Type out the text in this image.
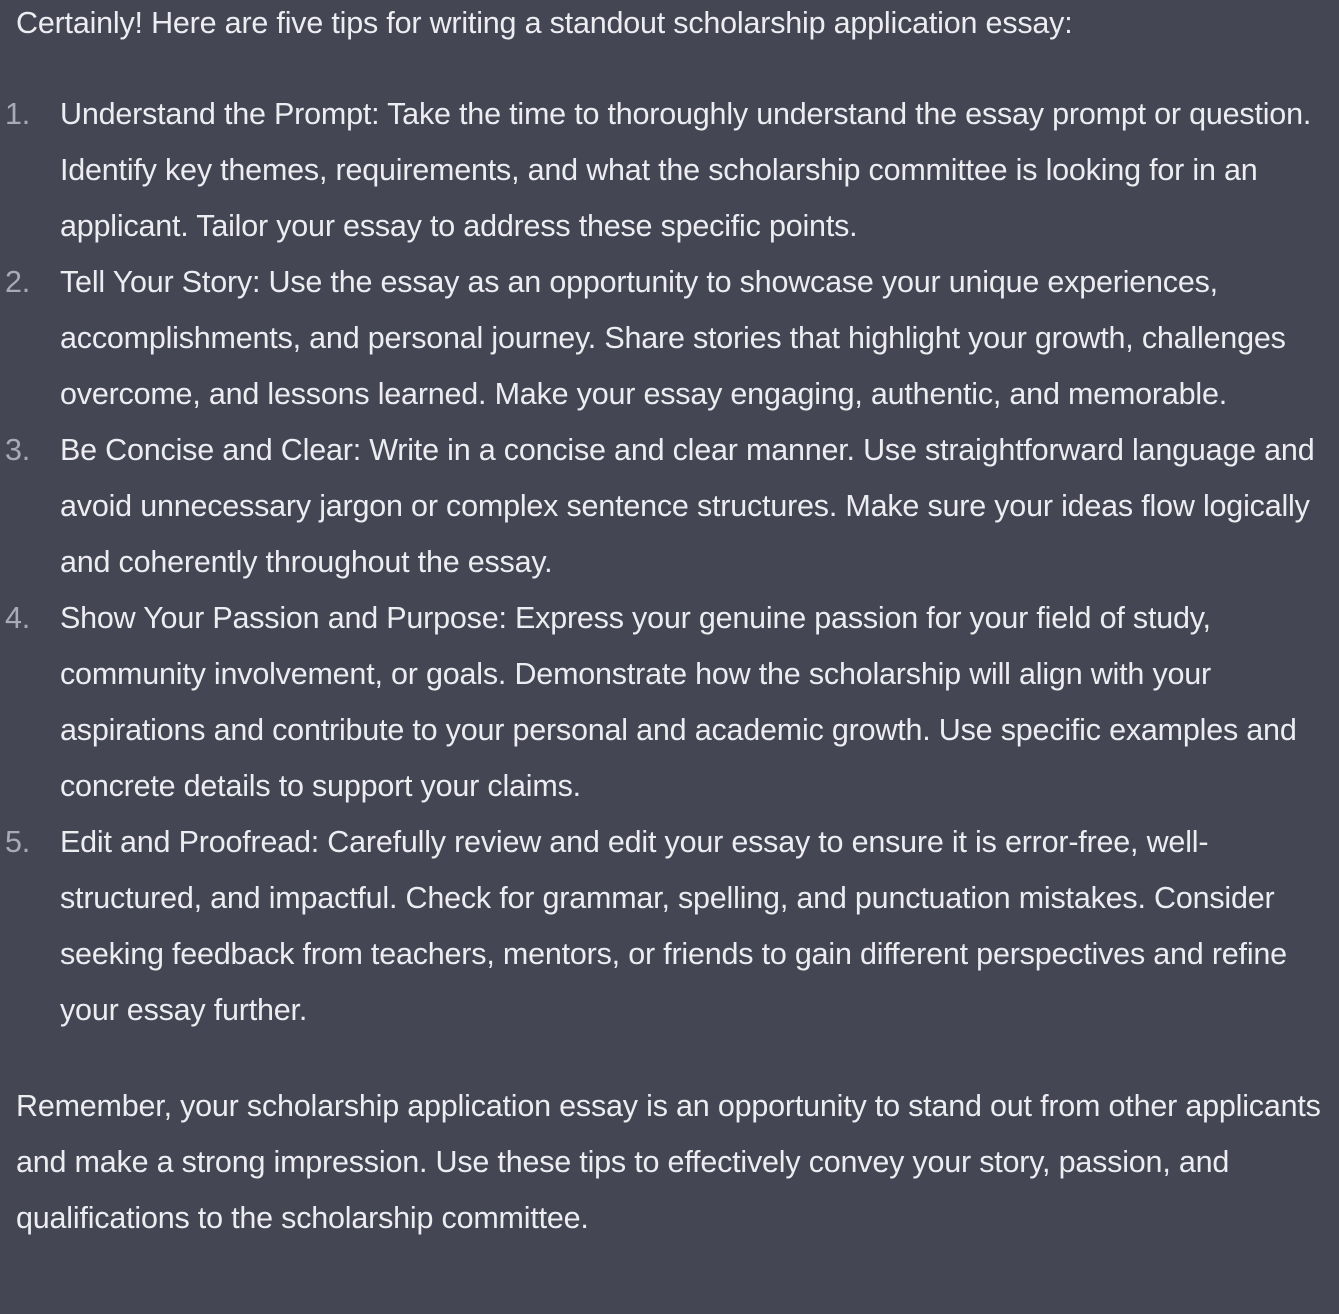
Certainly! Here are five tips for writing a standout scholarship application essay:

1. Understand the Prompt: Take the time to thoroughly understand the essay prompt or question. Identify key themes, requirements, and what the scholarship committee is looking for in an applicant. Tailor your essay to address these specific points.
2. Tell Your Story: Use the essay as an opportunity to showcase your unique experiences, accomplishments, and personal journey. Share stories that highlight your growth, challenges overcome, and lessons learned. Make your essay engaging, authentic, and memorable.
3. Be Concise and Clear: Write in a concise and clear manner. Use straightforward language and avoid unnecessary jargon or complex sentence structures. Make sure your ideas flow logically and coherently throughout the essay.
4. Show Your Passion and Purpose: Express your genuine passion for your field of study, community involvement, or goals. Demonstrate how the scholarship will align with your aspirations and contribute to your personal and academic growth. Use specific examples and concrete details to support your claims.
5. Edit and Proofread: Carefully review and edit your essay to ensure it is error-free, well-structured, and impactful. Check for grammar, spelling, and punctuation mistakes. Consider seeking feedback from teachers, mentors, or friends to gain different perspectives and refine your essay further.

Remember, your scholarship application essay is an opportunity to stand out from other applicants and make a strong impression. Use these tips to effectively convey your story, passion, and qualifications to the scholarship committee.
